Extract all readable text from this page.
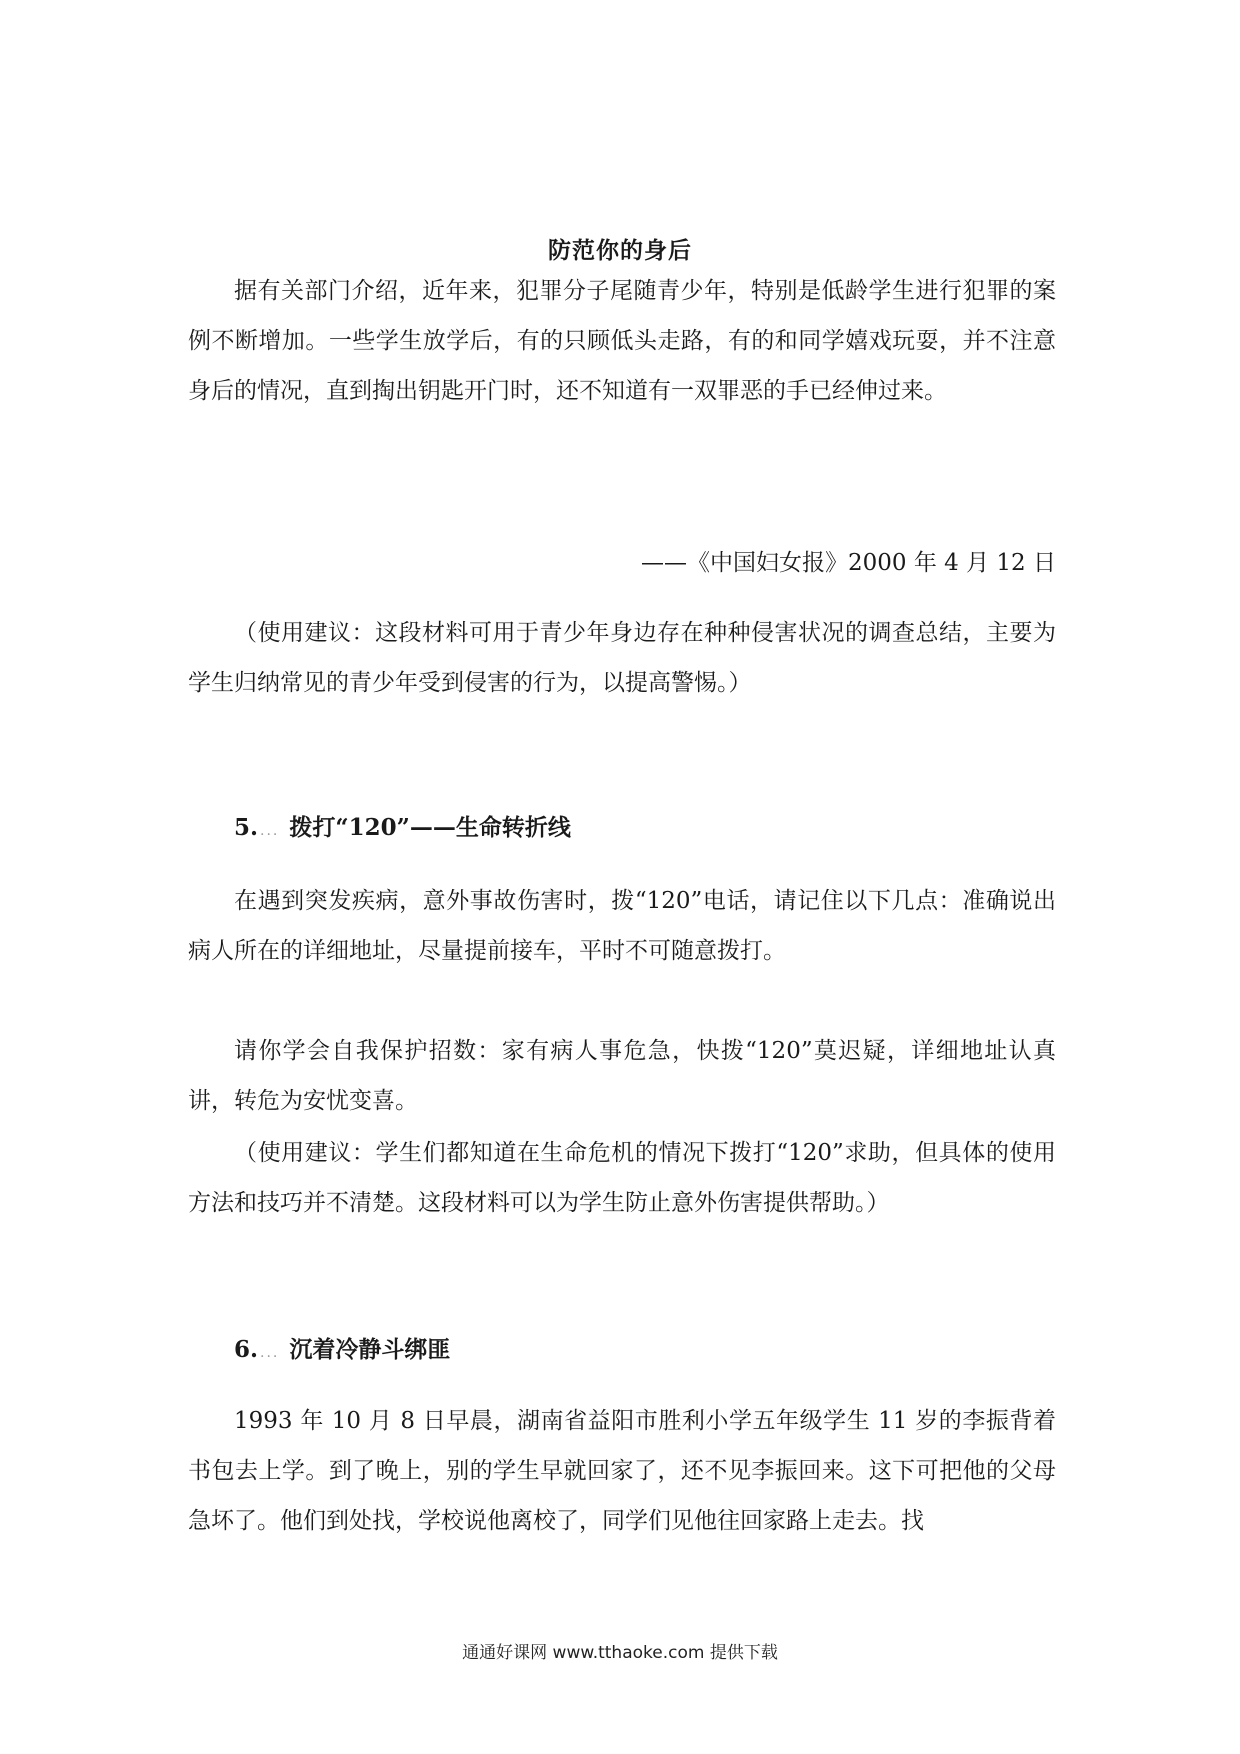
防范你的身后

据有关部门介绍，近年来，犯罪分子尾随青少年，特别是低龄学生进行犯罪的案例不断增加。一些学生放学后，有的只顾低头走路，有的和同学嬉戏玩耍，并不注意身后的情况，直到掏出钥匙开门时，还不知道有一双罪恶的手已经伸过来。

——《中国妇女报》2000 年 4 月 12 日

（使用建议：这段材料可用于青少年身边存在种种侵害状况的调查总结，主要为学生归纳常见的青少年受到侵害的行为，以提高警惕。）

5. ... 拨打“120”——生命转折线

在遇到突发疾病，意外事故伤害时，拨“120”电话，请记住以下几点：准确说出病人所在的详细地址，尽量提前接车，平时不可随意拨打。

请你学会自我保护招数：家有病人事危急，快拨“120”莫迟疑，详细地址认真讲，转危为安忧变喜。

（使用建议：学生们都知道在生命危机的情况下拨打“120”求助，但具体的使用方法和技巧并不清楚。这段材料可以为学生防止意外伤害提供帮助。）

6. ... 沉着冷静斗绑匪

1993 年 10 月 8 日早晨，湖南省益阳市胜利小学五年级学生 11 岁的李振背着书包去上学。到了晚上，别的学生早就回家了，还不见李振回来。这下可把他的父母急坏了。他们到处找，学校说他离校了，同学们见他往回家路上走去。找

通通好课网 www.tthaoke.com 提供下载
